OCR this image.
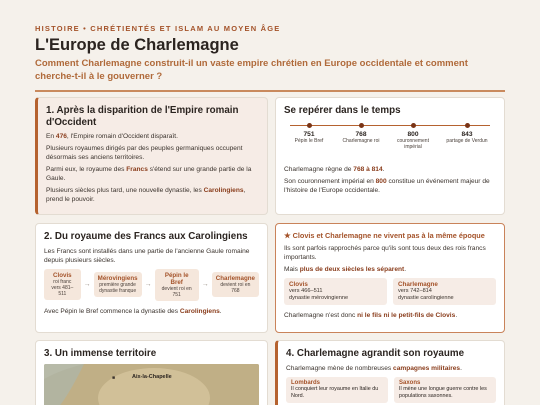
HISTOIRE • CHRÉTIENTÉS ET ISLAM AU MOYEN ÂGE
L'Europe de Charlemagne
Comment Charlemagne construit-il un vaste empire chrétien en Europe occidentale et comment cherche-t-il à le gouverner ?
1. Après la disparition de l'Empire romain d'Occident

En 476, l'Empire romain d'Occident disparaît.

Plusieurs royaumes dirigés par des peuples germaniques occupent désormais ses anciens territoires.

Parmi eux, le royaume des Francs s'étend sur une grande partie de la Gaule.

Plusieurs siècles plus tard, une nouvelle dynastie, les Carolingiens, prend le pouvoir.

Se repérer dans le temps
751
Pépin le Bref
768
Charlemagne roi
800
couronnement impérial
843
partage de Verdun

Charlemagne règne de 768 à 814.

Son couronnement impérial en 800 constitue un événement majeur de l'histoire de l'Europe occidentale.

2. Du royaume des Francs aux Carolingiens

Les Francs sont installés dans une partie de l'ancienne Gaule romaine depuis plusieurs siècles.

Clovis
roi franc
vers 481–511
→
Mérovingiens
première grande
dynastie franque
→
Pépin le Bref
devient roi en
751
→
Charlemagne
devient roi en
768

Avec Pépin le Bref commence la dynastie des Carolingiens.

★ Clovis et Charlemagne ne vivent pas à la même époque

Ils sont parfois rapprochés parce qu'ils sont tous deux des rois francs importants.

Mais plus de deux siècles les séparent.

Clovis
vers 466–511
dynastie mérovingienne
Charlemagne
vers 742–814
dynastie carolingienne

Charlemagne n'est donc ni le fils ni le petit-fils de Clovis.

3. Un immense territoire
■	Aix-la-Chapelle
4. Charlemagne agrandit son royaume

Charlemagne mène de nombreuses campagnes militaires.

Lombards
Il conquiert leur royaume en Italie du Nord.
Saxons
Il mène une longue guerre contre les populations saxonnes.
